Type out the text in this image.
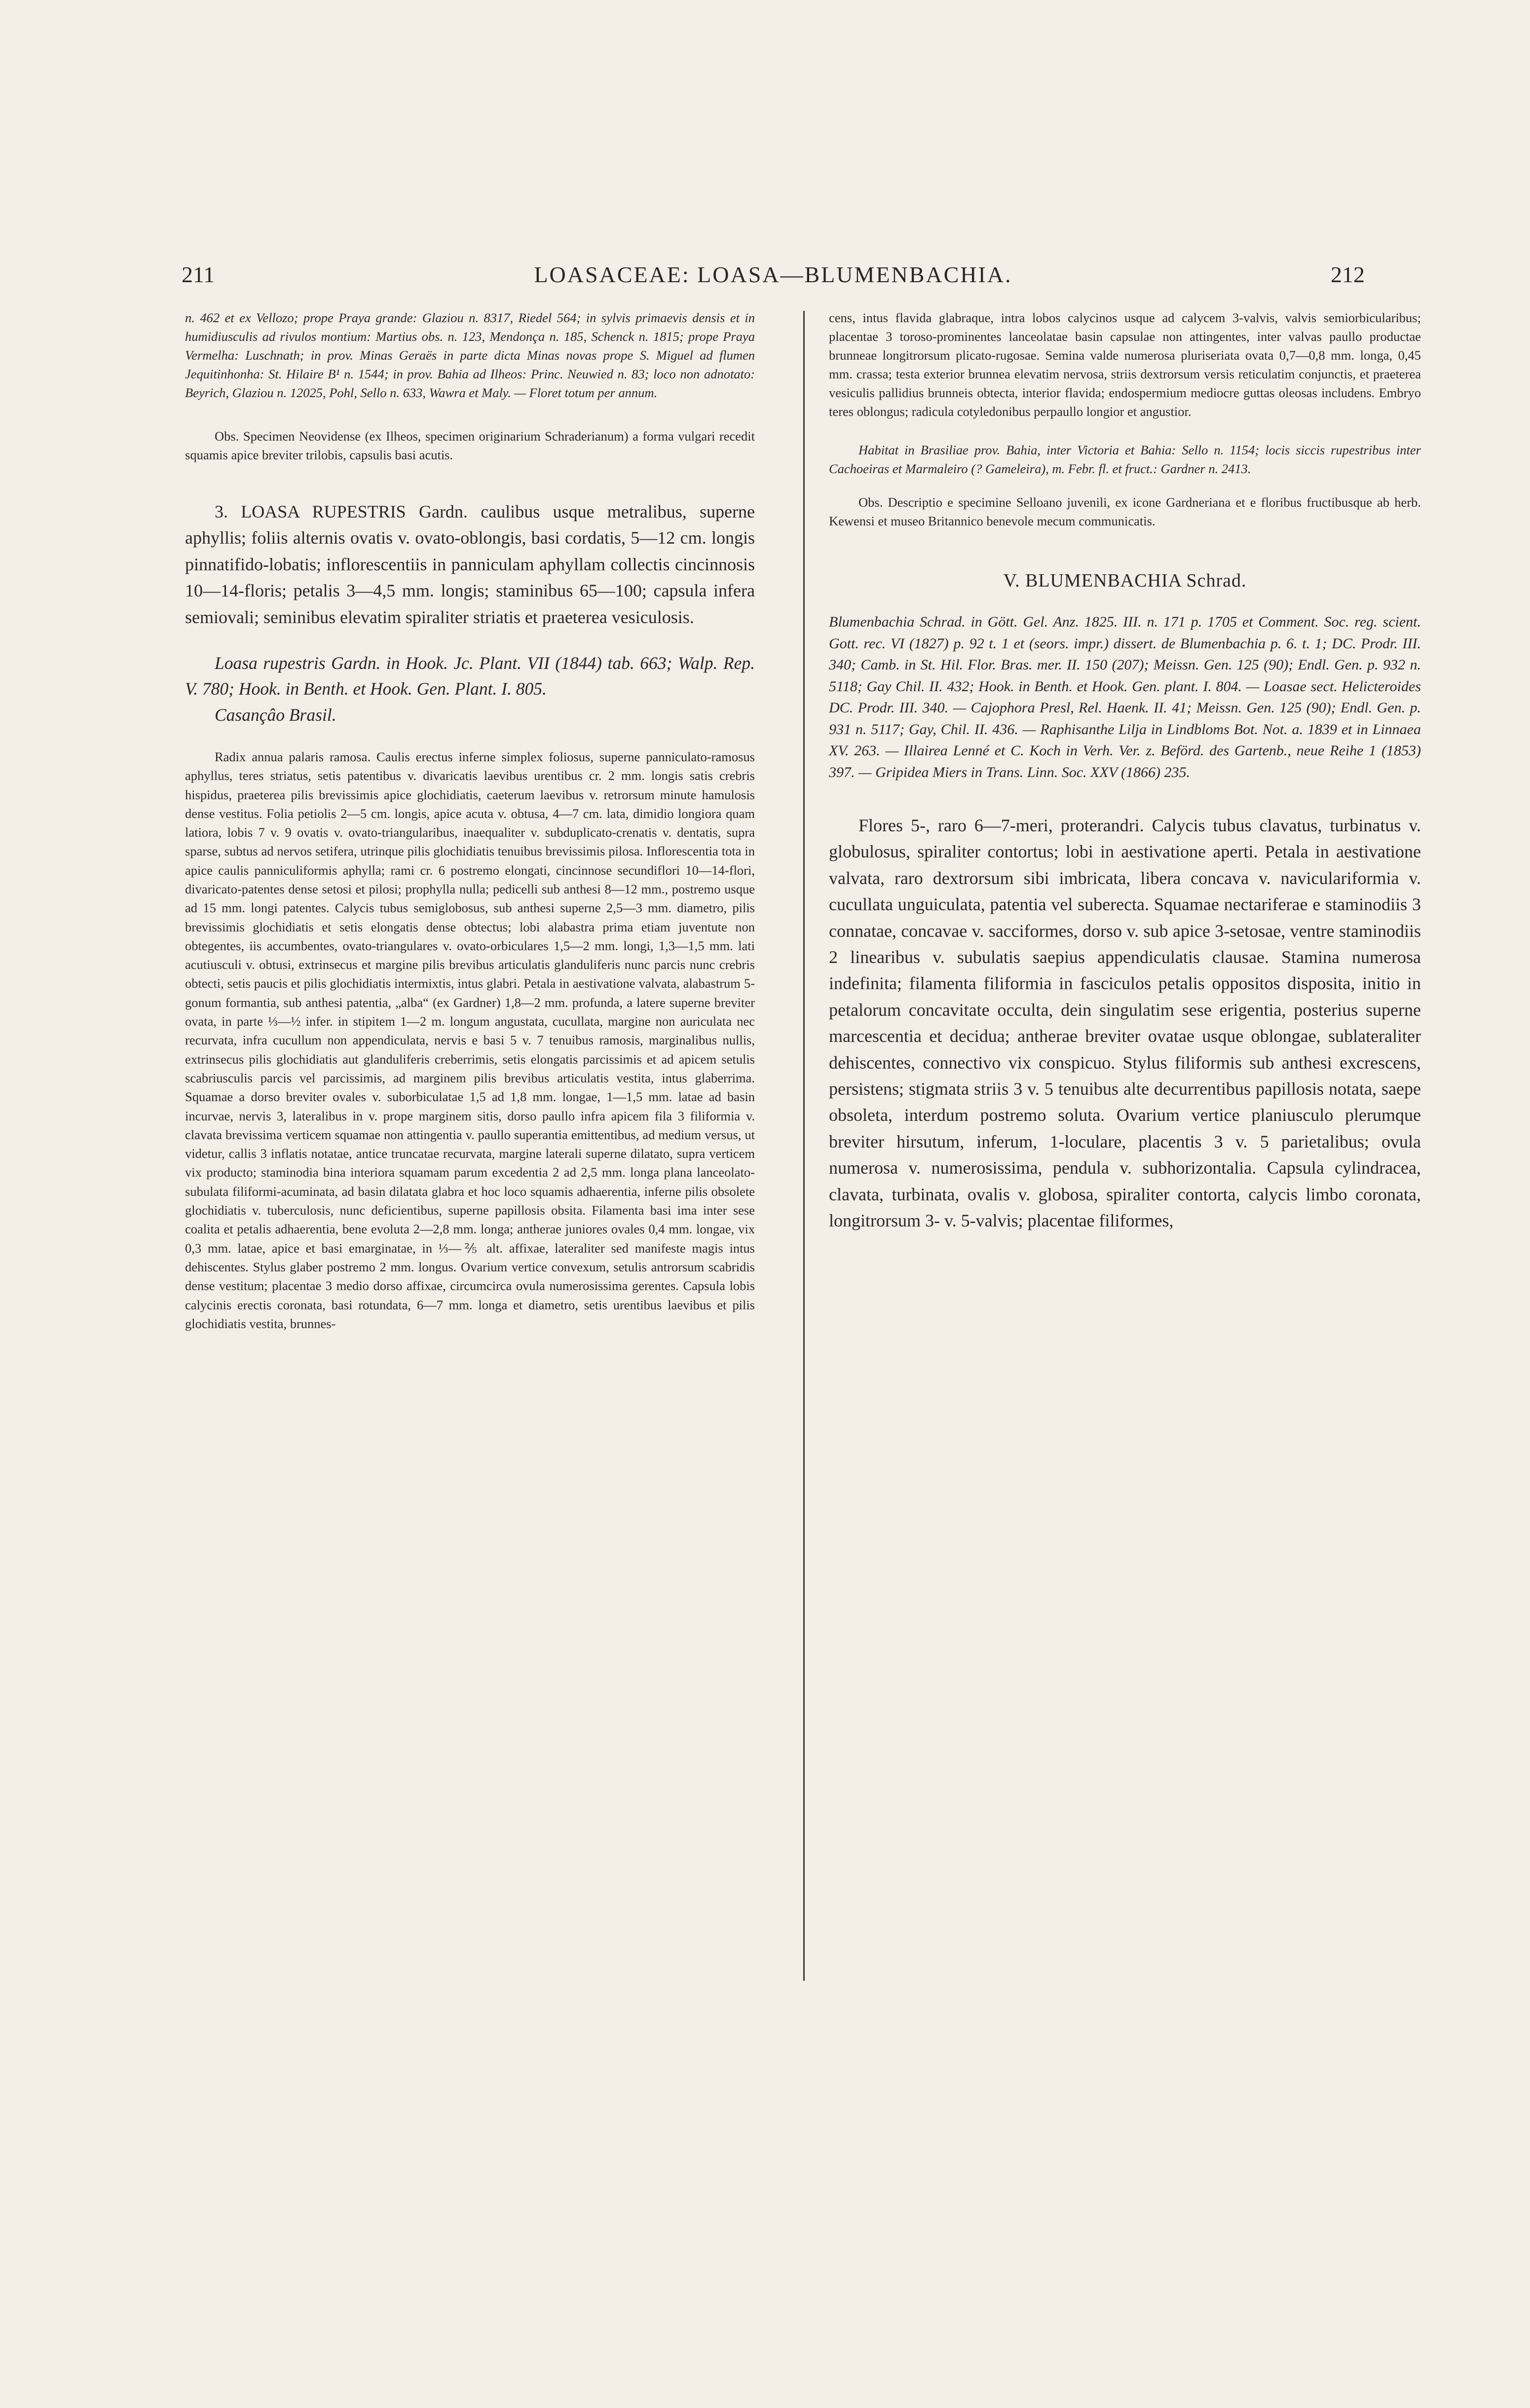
211	LOASACEAE: LOASA—BLUMENBACHIA.	212

n. 462 et ex Vellozo; prope Praya grande: Glaziou n. 8317, Riedel 564; in sylvis primaevis densis et in humidiusculis ad rivulos montium: Martius obs. n. 123, Mendonça n. 185, Schenck n. 1815; prope Praya Vermelha: Luschnath; in prov. Minas Geraës in parte dicta Minas novas prope S. Miguel ad flumen Jequitinhonha: St. Hilaire B¹ n. 1544; in prov. Bahia ad Ilheos: Princ. Neuwied n. 83; loco non adnotato: Beyrich, Glaziou n. 12025, Pohl, Sello n. 633, Wawra et Maly. — Floret totum per annum.

Obs. Specimen Neovidense (ex Ilheos, specimen originarium Schraderianum) a forma vulgari recedit squamis apice breviter trilobis, capsulis basi acutis.

3. LOASA RUPESTRIS Gardn. caulibus usque metralibus, superne aphyllis; foliis alternis ovatis v. ovato-oblongis, basi cordatis, 5—12 cm. longis pinnatifido-lobatis; inflorescentiis in panniculam aphyllam collectis cincinnosis 10—14-floris; petalis 3—4,5 mm. longis; staminibus 65—100; capsula infera semiovali; seminibus elevatim spiraliter striatis et praeterea vesiculosis.

Loasa rupestris Gardn. in Hook. Jc. Plant. VII (1844) tab. 663; Walp. Rep. V. 780; Hook. in Benth. et Hook. Gen. Plant. I. 805.

Casançâo Brasil.

Radix annua palaris ramosa. Caulis erectus inferne simplex foliosus, superne panniculato-ramosus aphyllus, teres striatus, setis patentibus v. divaricatis laevibus urentibus cr. 2 mm. longis satis crebris hispidus, praeterea pilis brevissimis apice glochidiatis, caeterum laevibus v. retrorsum minute hamulosis dense vestitus. Folia petiolis 2—5 cm. longis, apice acuta v. obtusa, 4—7 cm. lata, dimidio longiora quam latiora, lobis 7 v. 9 ovatis v. ovato-triangularibus, inaequaliter v. subduplicato-crenatis v. dentatis, supra sparse, subtus ad nervos setifera, utrinque pilis glochidiatis tenuibus brevissimis pilosa. Inflorescentia tota in apice caulis panniculiformis aphylla; rami cr. 6 postremo elongati, cincinnose secundiflori 10—14-flori, divaricato-patentes dense setosi et pilosi; prophylla nulla; pedicelli sub anthesi 8—12 mm., postremo usque ad 15 mm. longi patentes. Calycis tubus semiglobosus, sub anthesi superne 2,5—3 mm. diametro, pilis brevissimis glochidiatis et setis elongatis dense obtectus; lobi alabastra prima etiam juventute non obtegentes, iis accumbentes, ovato-triangulares v. ovato-orbiculares 1,5—2 mm. longi, 1,3—1,5 mm. lati acutiusculi v. obtusi, extrinsecus et margine pilis brevibus articulatis glanduliferis nunc parcis nunc crebris obtecti, setis paucis et pilis glochidiatis intermixtis, intus glabri. Petala in aestivatione valvata, alabastrum 5-gonum formantia, sub anthesi patentia, „albа“ (ex Gardner) 1,8—2 mm. profunda, a latere superne breviter ovata, in parte ⅓—½ infer. in stipitem 1—2 m. longum angustata, cucullata, margine non auriculata nec recurvata, infra cucullum non appendiculata, nervis e basi 5 v. 7 tenuibus ramosis, marginalibus nullis, extrinsecus pilis glochidiatis aut glanduliferis creberrimis, setis elongatis parcissimis et ad apicem setulis scabriusculis parcis vel parcissimis, ad marginem pilis brevibus articulatis vestita, intus glaberrima. Squamae a dorso breviter ovales v. suborbiculatae 1,5 ad 1,8 mm. longae, 1—1,5 mm. latae ad basin incurvae, nervis 3, lateralibus in v. prope marginem sitis, dorso paullo infra apicem fila 3 filiformia v. clavata brevissima verticem squamae non attingentia v. paullo superantia emittentibus, ad medium versus, ut videtur, callis 3 inflatis notatae, antice truncatae recurvata, margine laterali superne dilatato, supra verticem vix producto; staminodia bina interiora squamam parum excedentia 2 ad 2,5 mm. longa plana lanceolato-subulata filiformi-acuminata, ad basin dilatata glabra et hoc loco squamis adhaerentia, inferne pilis obsolete glochidiatis v. tuberculosis, nunc deficientibus, superne papillosis obsita. Filamenta basi ima inter sese coalita et petalis adhaerentia, bene evoluta 2—2,8 mm. longa; antherae juniores ovales 0,4 mm. longae, vix 0,3 mm. latae, apice et basi emarginatae, in ⅓—⅖ alt. affixae, lateraliter sed manifeste magis intus dehiscentes. Stylus glaber postremo 2 mm. longus. Ovarium vertice convexum, setulis antrorsum scabridis dense vestitum; placentae 3 medio dorso affixae, circumcirca ovula numerosissima gerentes. Capsula lobis calycinis erectis coronata, basi rotundata, 6—7 mm. longa et diametro, setis urentibus laevibus et pilis glochidiatis vestita, brunnes-

cens, intus flavida glabraque, intra lobos calycinos usque ad calycem 3-valvis, valvis semiorbicularibus; placentae 3 toroso-prominentes lanceolatae basin capsulae non attingentes, inter valvas paullo productae brunneae longitrorsum plicato-rugosae. Semina valde numerosa pluriseriata ovata 0,7—0,8 mm. longa, 0,45 mm. crassa; testa exterior brunnea elevatim nervosa, striis dextrorsum versis reticulatim conjunctis, et praeterea vesiculis pallidius brunneis obtecta, interior flavida; endospermium mediocre guttas oleosas includens. Embryo teres oblongus; radicula cotyledonibus perpaullo longior et angustior.

Habitat in Brasiliae prov. Bahia, inter Victoria et Bahia: Sello n. 1154; locis siccis rupestribus inter Cachoeiras et Marmaleiro (? Gameleira), m. Febr. fl. et fruct.: Gardner n. 2413.

Obs. Descriptio e specimine Selloano juvenili, ex icone Gardneriana et e floribus fructibusque ab herb. Kewensi et museo Britannico benevole mecum communicatis.

V. BLUMENBACHIA Schrad.

Blumenbachia Schrad. in Gött. Gel. Anz. 1825. III. n. 171 p. 1705 et Comment. Soc. reg. scient. Gott. rec. VI (1827) p. 92 t. 1 et (seors. impr.) dissert. de Blumenbachia p. 6. t. 1; DC. Prodr. III. 340; Camb. in St. Hil. Flor. Bras. mer. II. 150 (207); Meissn. Gen. 125 (90); Endl. Gen. p. 932 n. 5118; Gay Chil. II. 432; Hook. in Benth. et Hook. Gen. plant. I. 804. — Loasae sect. Helicteroides DC. Prodr. III. 340. — Cajophora Presl, Rel. Haenk. II. 41; Meissn. Gen. 125 (90); Endl. Gen. p. 931 n. 5117; Gay, Chil. II. 436. — Raphisanthe Lilja in Lindbloms Bot. Not. a. 1839 et in Linnaea XV. 263. — Illairea Lenné et C. Koch in Verh. Ver. z. Beförd. des Gartenb., neue Reihe 1 (1853) 397. — Gripidea Miers in Trans. Linn. Soc. XXV (1866) 235.

Flores 5-, raro 6—7-meri, proterandri. Calycis tubus clavatus, turbinatus v. globulosus, spiraliter contortus; lobi in aestivatione aperti. Petala in aestivatione valvata, raro dextrorsum sibi imbricata, libera concava v. naviculariformia v. cucullata unguiculata, patentia vel suberecta. Squamae nectariferae e staminodiis 3 connatae, concavae v. sacciformes, dorso v. sub apice 3-setosae, ventre staminodiis 2 linearibus v. subulatis saepius appendiculatis clausae. Stamina numerosa indefinita; filamenta filiformia in fasciculos petalis oppositos disposita, initio in petalorum concavitate occulta, dein singulatim sese erigentia, posterius superne marcescentia et decidua; antherae breviter ovatae usque oblongae, sublateraliter dehiscentes, connectivo vix conspicuo. Stylus filiformis sub anthesi excrescens, persistens; stigmata striis 3 v. 5 tenuibus alte decurrentibus papillosis notata, saepe obsoleta, interdum postremo soluta. Ovarium vertice planiusculo plerumque breviter hirsutum, inferum, 1-loculare, placentis 3 v. 5 parietalibus; ovula numerosa v. numerosissima, pendula v. subhorizontalia. Capsula cylindracea, clavata, turbinata, ovalis v. globosa, spiraliter contorta, calycis limbo coronata, longitrorsum 3- v. 5-valvis; placentae filiformes,
